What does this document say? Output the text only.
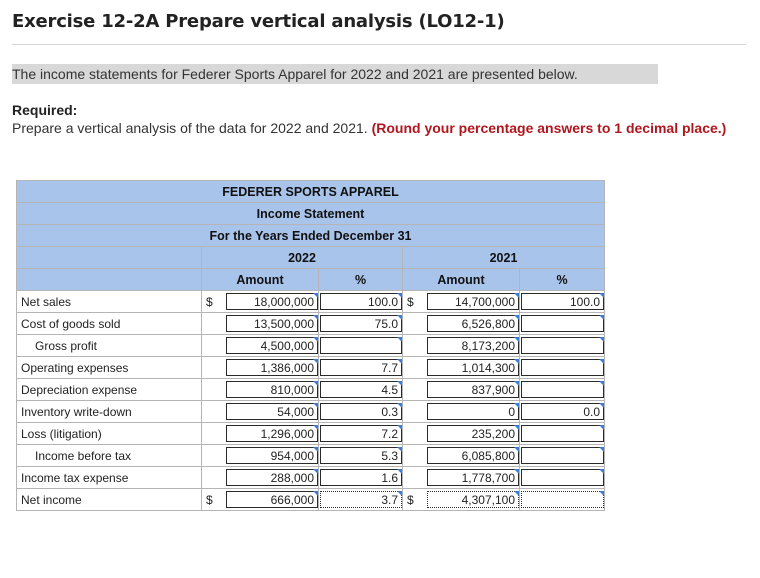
Exercise 12-2A Prepare vertical analysis (LO12-1)
The income statements for Federer Sports Apparel for 2022 and 2021 are presented below.
Required:
Prepare a vertical analysis of the data for 2022 and 2021. (Round your percentage answers to 1 decimal place.)
FEDERER SPORTS APPAREL						
Income Statement						
For the Years Ended December 31						
	2022			2021		
	Amount		%	Amount		%
Net sales	$	18,000,000	100.0	$	14,700,000	100.0

Cost of goods sold		13,500,000	75.0		6,526,800	

Gross profit		4,500,000			8,173,200	

Operating expenses		1,386,000	7.7		1,014,300	

Depreciation expense		810,000	4.5		837,900	

Inventory write-down		54,000	0.3		0	0.0

Loss (litigation)		1,296,000	7.2		235,200	

Income before tax		954,000	5.3		6,085,800	

Income tax expense		288,000	1.6		1,778,700	

Net income	$	666,000	3.7	$	4,307,100	
